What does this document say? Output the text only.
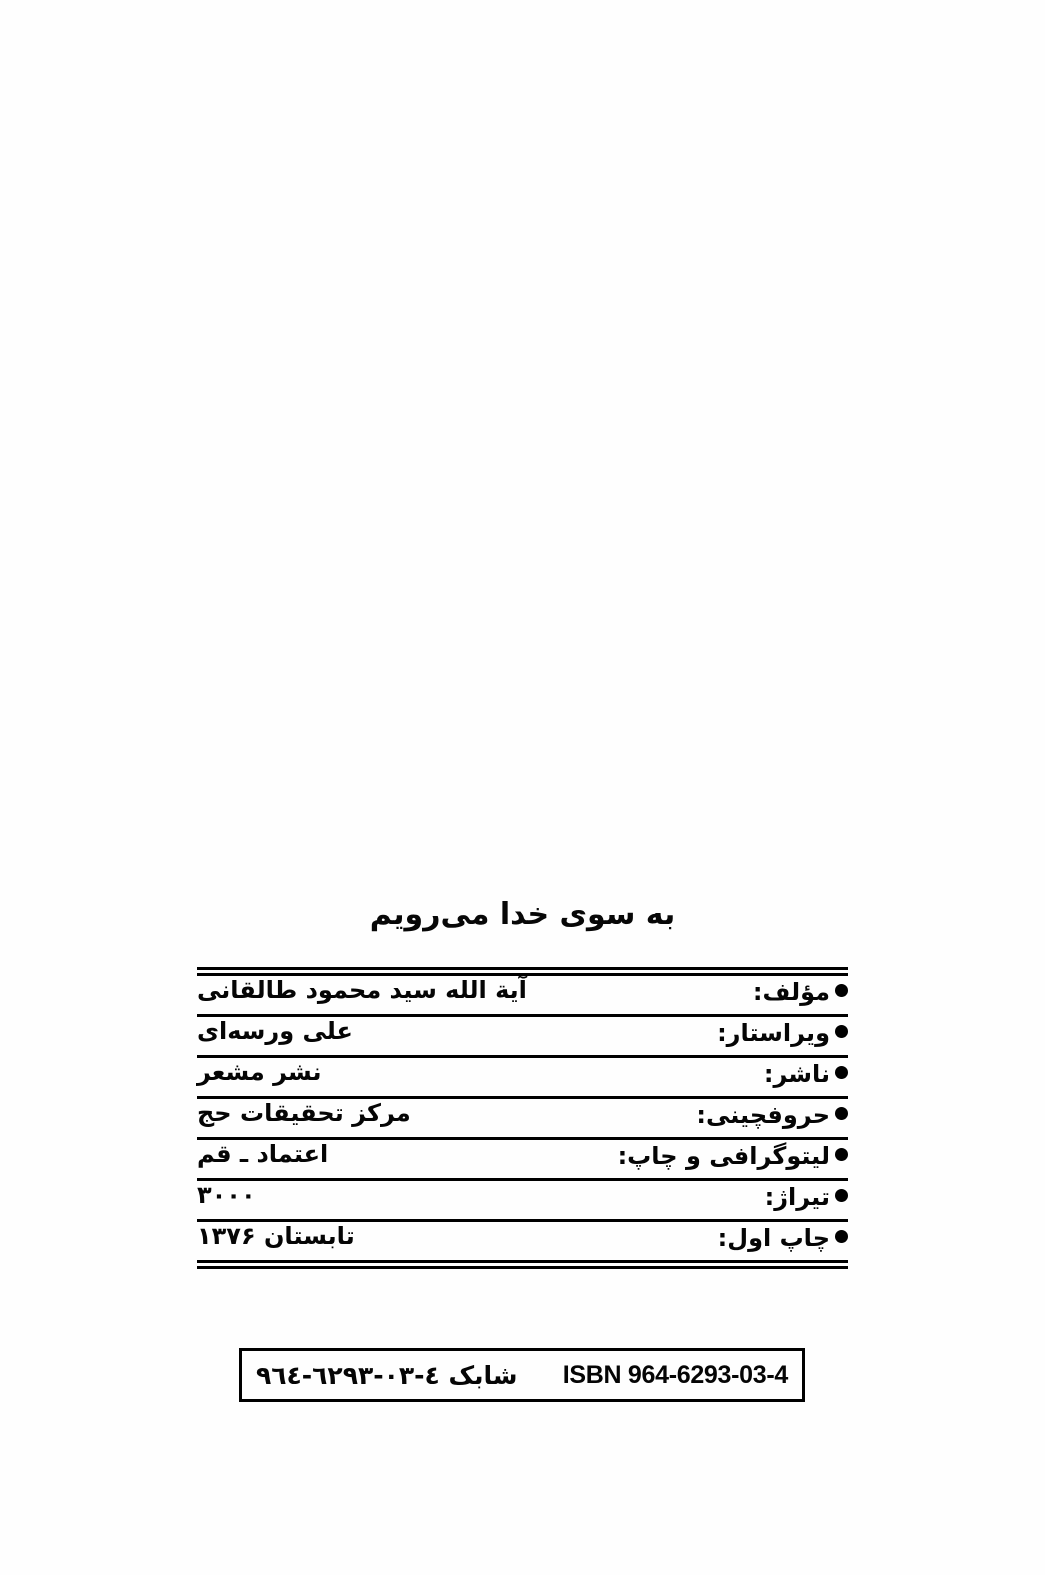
به سوی خدا می‌رویم
مؤلف:
آیة الله سید محمود طالقانی
ویراستار:
علی ورسه‌ای
ناشر:
نشر مشعر
حروفچینی:
مرکز تحقیقات حج
لیتوگرافی و چاپ:
اعتماد ـ قم
تیراژ:
۳۰۰۰
چاپ اول:
تابستان ۱۳۷۶
شابک ٤-٠٣-٦٢٩٣-٩٦٤ ISBN 964-6293-03-4
